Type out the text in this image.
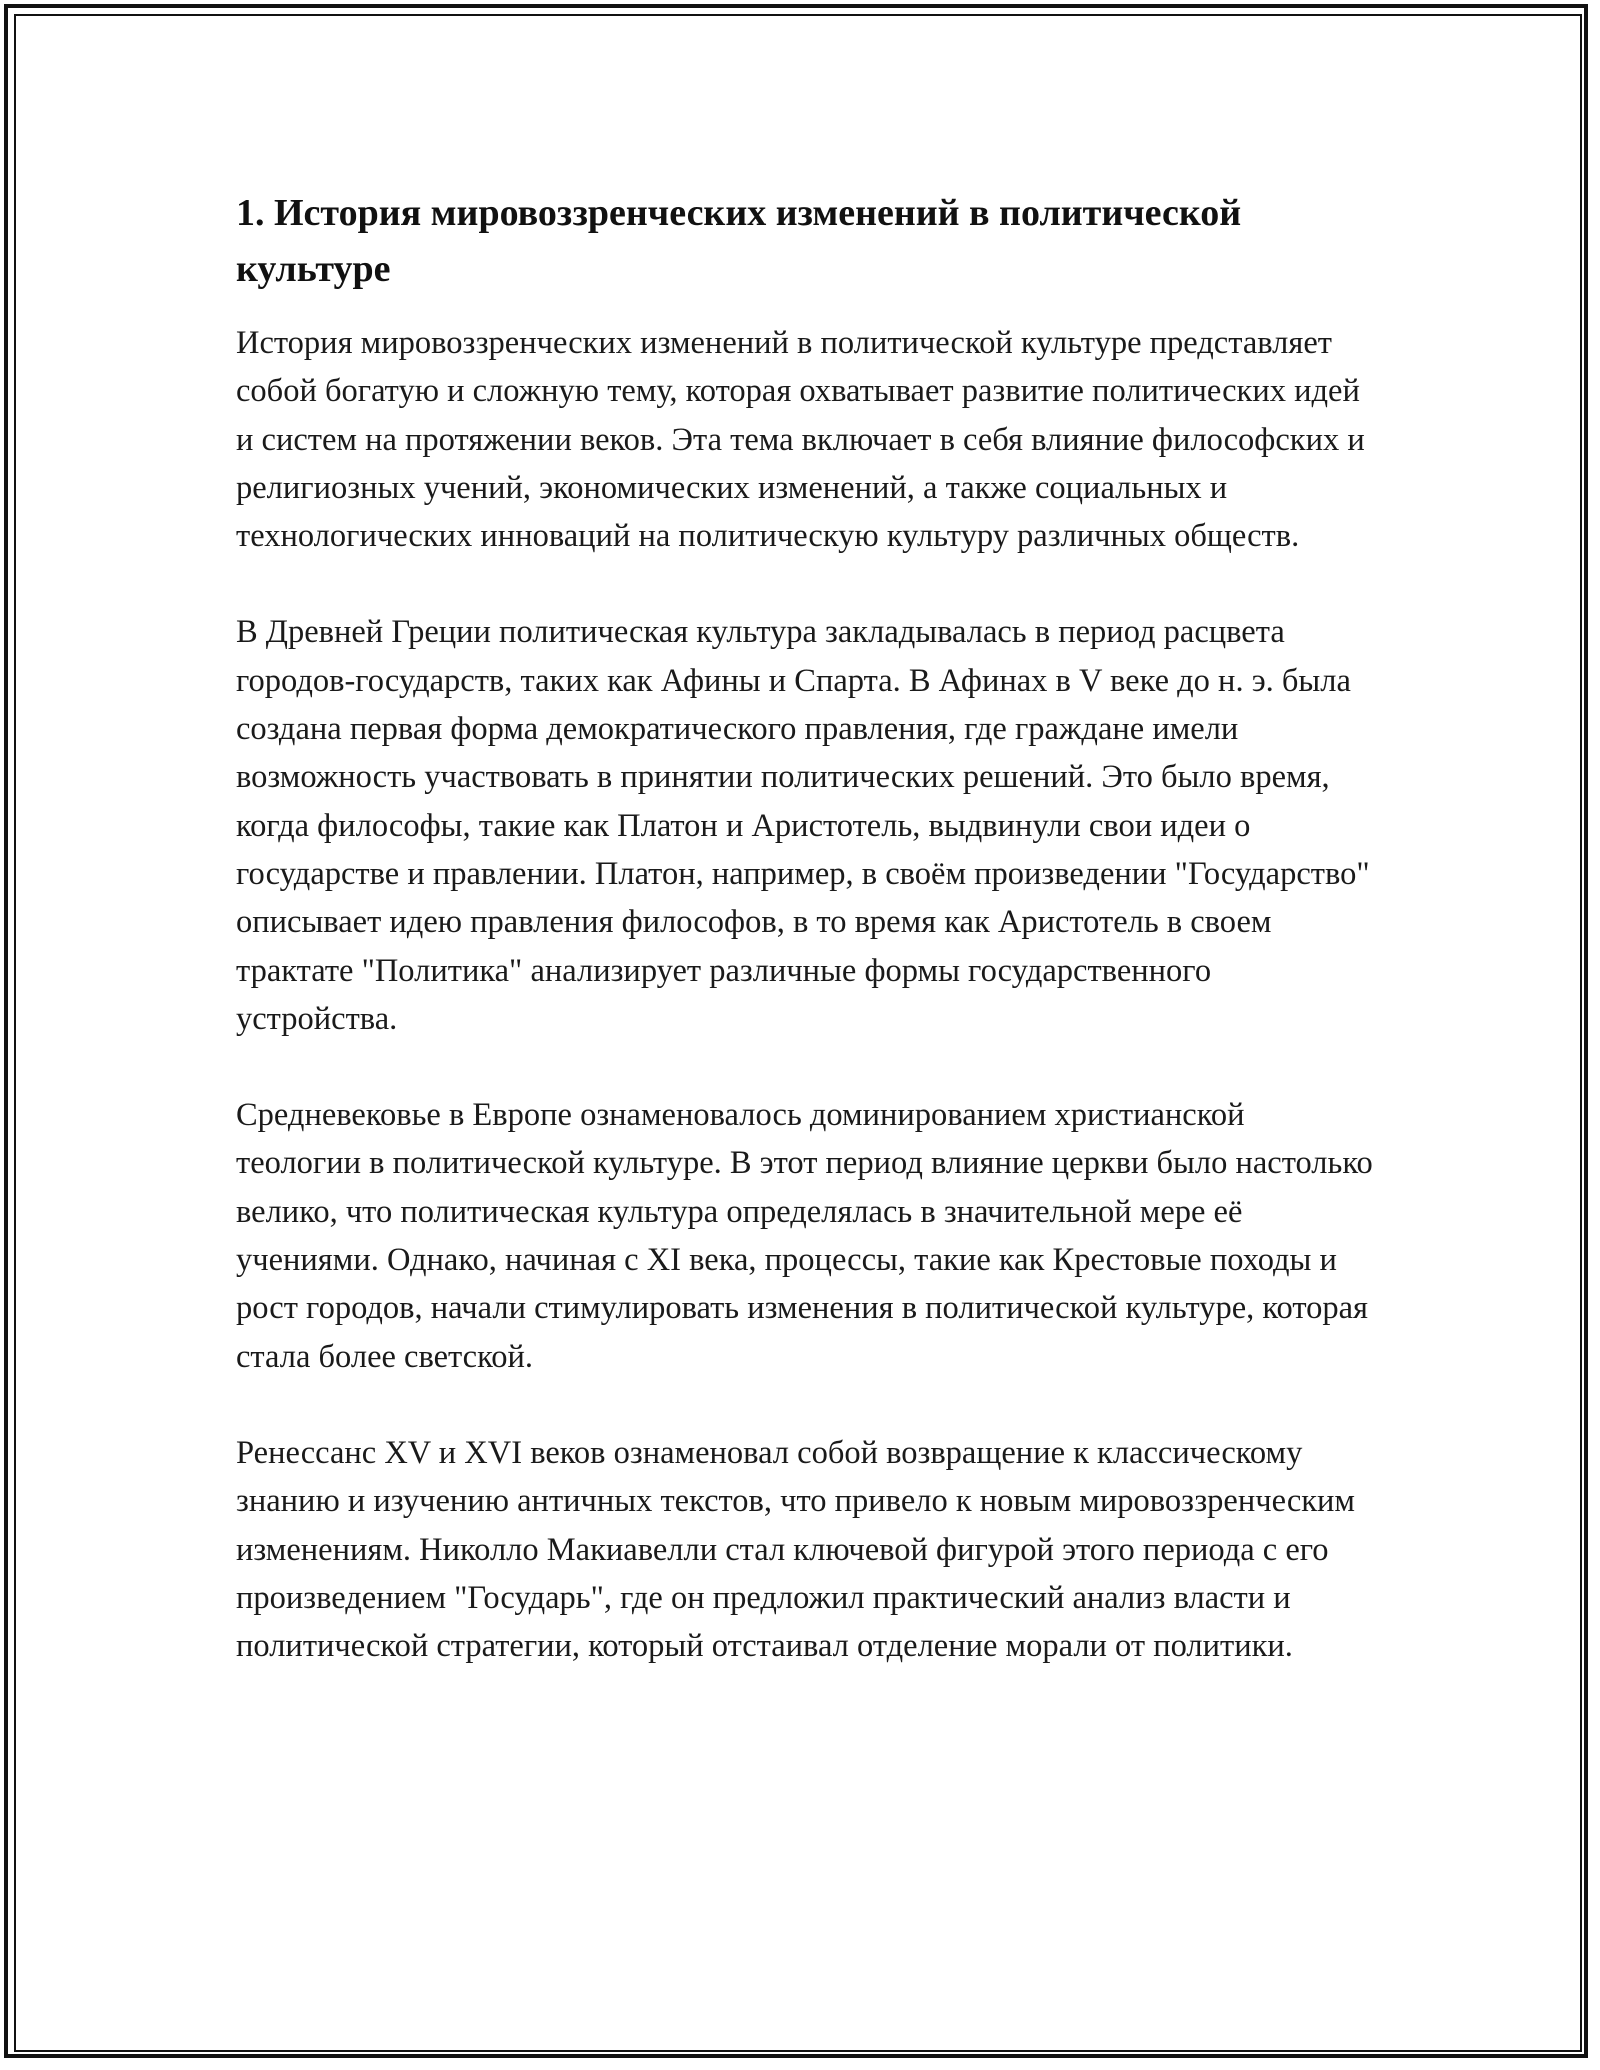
1. История мировоззренческих изменений в политической культуре

История мировоззренческих изменений в политической культуре представляет собой богатую и сложную тему, которая охватывает развитие политических идей и систем на протяжении веков. Эта тема включает в себя влияние философских и религиозных учений, экономических изменений, а также социальных и технологических инноваций на политическую культуру различных обществ.

В Древней Греции политическая культура закладывалась в период расцвета городов-государств, таких как Афины и Спарта. В Афинах в V веке до н. э. была создана первая форма демократического правления, где граждане имели возможность участвовать в принятии политических решений. Это было время, когда философы, такие как Платон и Аристотель, выдвинули свои идеи о государстве и правлении. Платон, например, в своём произведении "Государство" описывает идею правления философов, в то время как Аристотель в своем трактате "Политика" анализирует различные формы государственного устройства.

Средневековье в Европе ознаменовалось доминированием христианской теологии в политической культуре. В этот период влияние церкви было настолько велико, что политическая культура определялась в значительной мере её учениями. Однако, начиная с XI века, процессы, такие как Крестовые походы и рост городов, начали стимулировать изменения в политической культуре, которая стала более светской.

Ренессанс XV и XVI веков ознаменовал собой возвращение к классическому знанию и изучению античных текстов, что привело к новым мировоззренческим изменениям. Николло Макиавелли стал ключевой фигурой этого периода с его произведением "Государь", где он предложил практический анализ власти и политической стратегии, который отстаивал отделение морали от политики.
